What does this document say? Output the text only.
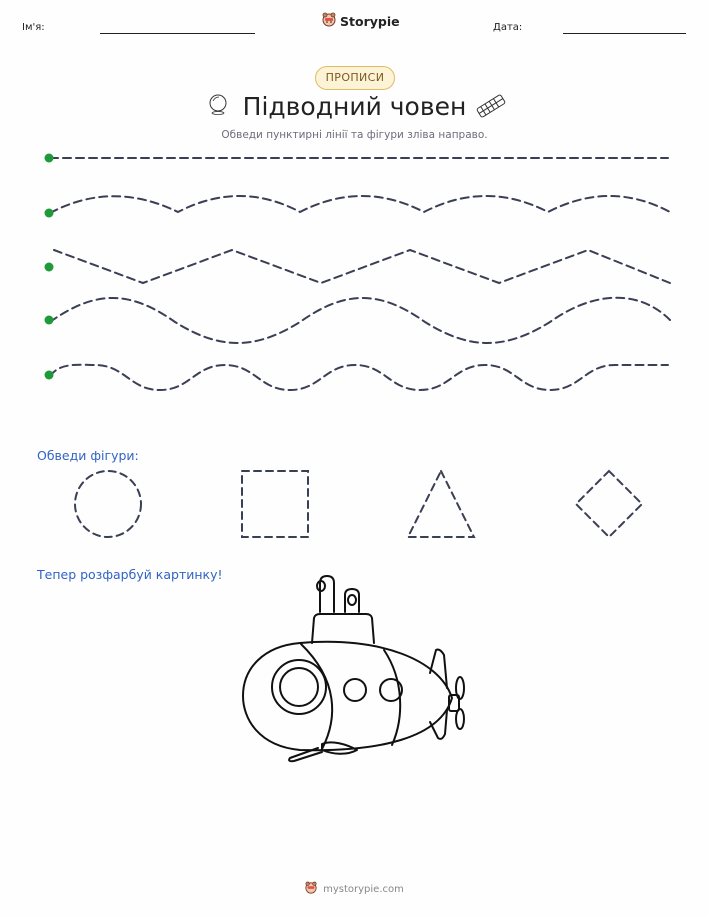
Ім'я:	Storypie	Дата:
ПРОПИСИ
Підводний човен
Обведи пунктирні лінії та фігури зліва направо.
Обведи фігури:
Тепер розфарбуй картинку!
mystorypie.com
